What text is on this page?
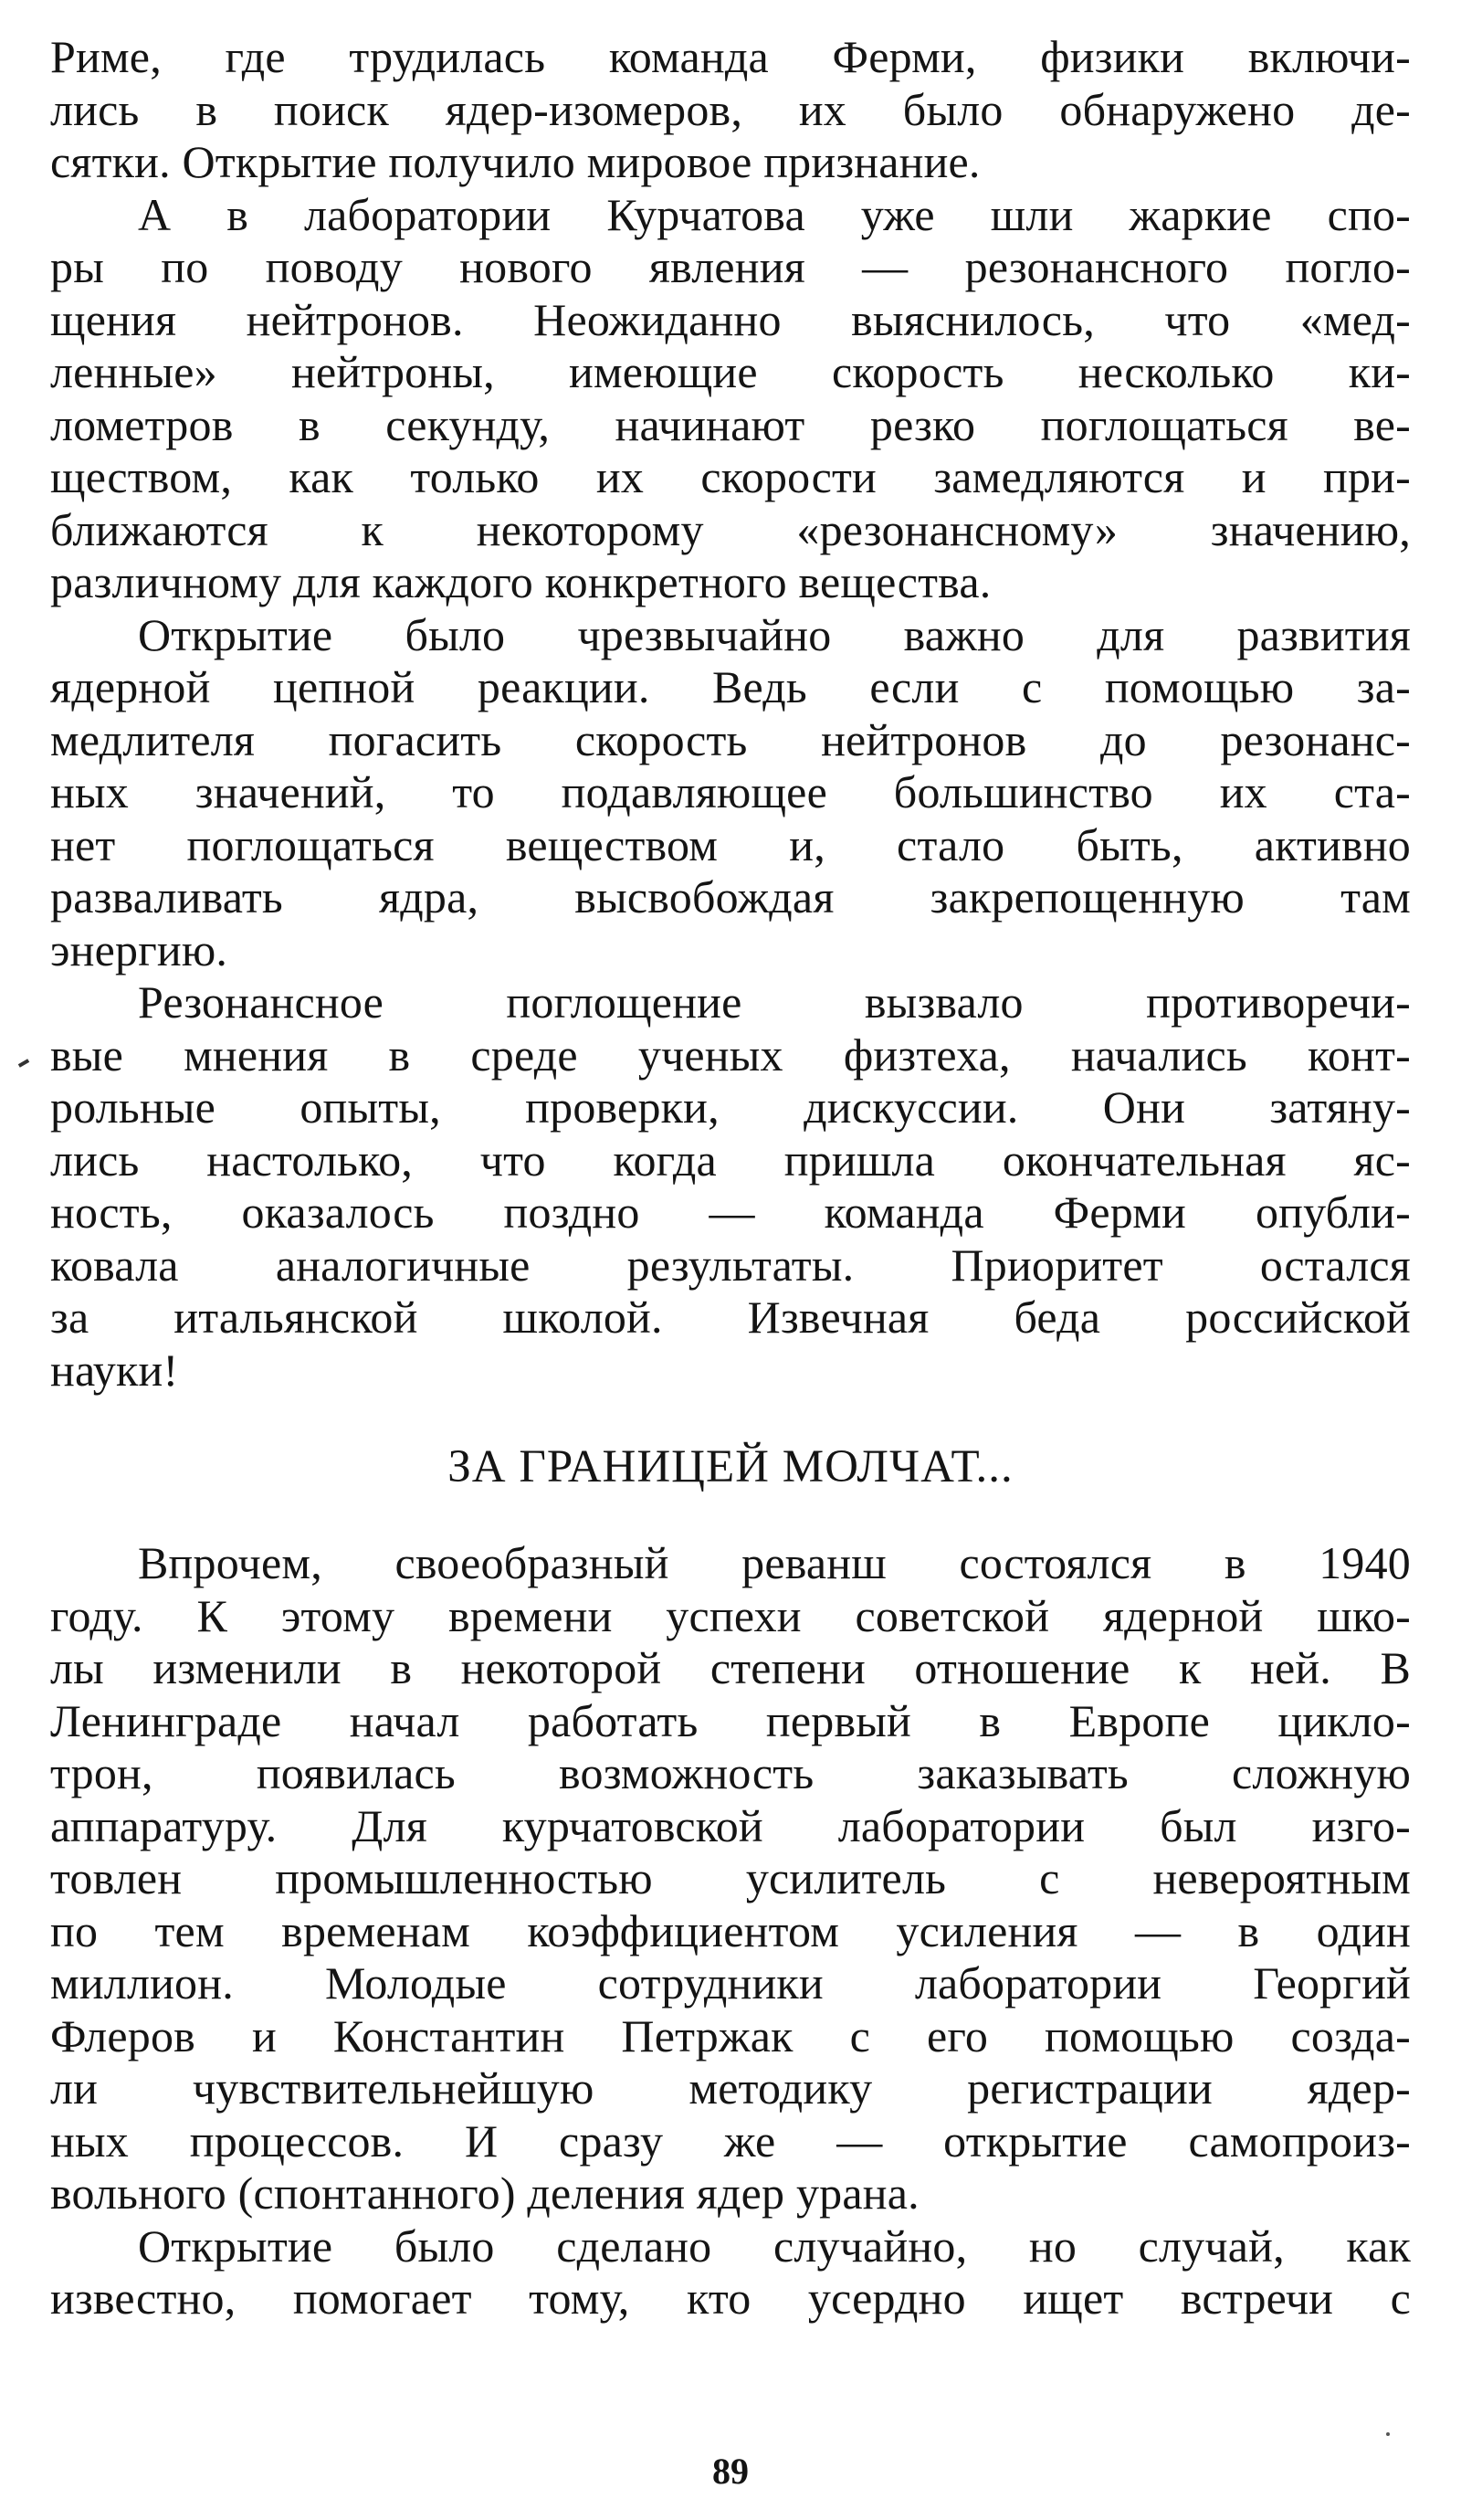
Риме, где трудилась команда Ферми, физики включи-
лись в поиск ядер-изомеров, их было обнаружено де-
сятки. Открытие получило мировое признание.
А в лаборатории Курчатова уже шли жаркие спо-
ры по поводу нового явления — резонансного погло-
щения нейтронов. Неожиданно выяснилось, что «мед-
ленные» нейтроны, имеющие скорость несколько ки-
лометров в секунду, начинают резко поглощаться ве-
ществом, как только их скорости замедляются и при-
ближаются к некоторому «резонансному» значению,
различному для каждого конкретного вещества.
Открытие было чрезвычайно важно для развития
ядерной цепной реакции. Ведь если с помощью за-
медлителя погасить скорость нейтронов до резонанс-
ных значений, то подавляющее большинство их ста-
нет поглощаться веществом и, стало быть, активно
разваливать ядра, высвобождая закрепощенную там
энергию.
Резонансное поглощение вызвало противоречи-
вые мнения в среде ученых физтеха, начались конт-
рольные опыты, проверки, дискуссии. Они затяну-
лись настолько, что когда пришла окончательная яс-
ность, оказалось поздно — команда Ферми опубли-
ковала аналогичные результаты. Приоритет остался
за итальянской школой. Извечная беда российской
науки!
ЗА ГРАНИЦЕЙ МОЛЧАТ...
Впрочем, своеобразный реванш состоялся в 1940
году. К этому времени успехи советской ядерной шко-
лы изменили в некоторой степени отношение к ней. В
Ленинграде начал работать первый в Европе цикло-
трон, появилась возможность заказывать сложную
аппаратуру. Для курчатовской лаборатории был изго-
товлен промышленностью усилитель с невероятным
по тем временам коэффициентом усиления — в один
миллион. Молодые сотрудники лаборатории Георгий
Флеров и Константин Петржак с его помощью созда-
ли чувствительнейшую методику регистрации ядер-
ных процессов. И сразу же — открытие самопроиз-
вольного (спонтанного) деления ядер урана.
Открытие было сделано случайно, но случай, как
известно, помогает тому, кто усердно ищет встречи с
89
